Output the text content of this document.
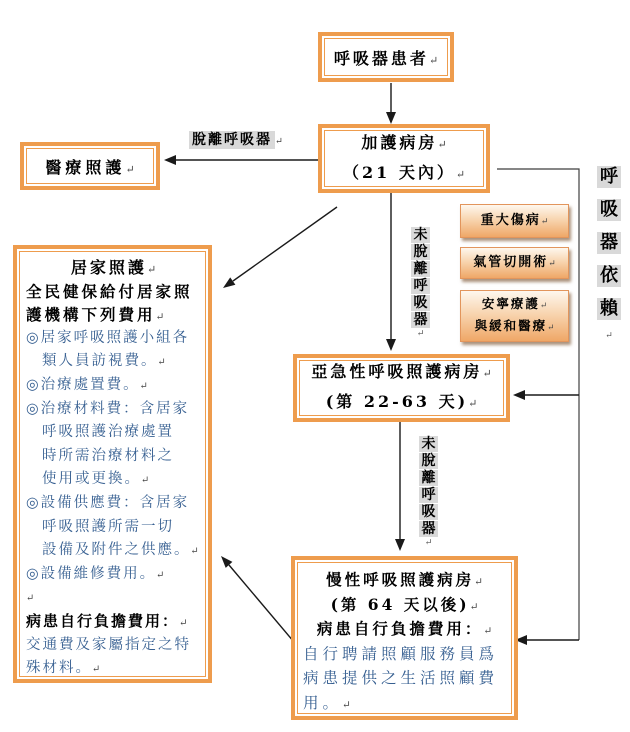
呼吸器患者↵
脫離呼吸器 ↵	加護病房↵
（21 天內）↵
醫療照護↵
重大傷病↵
氣管切開術↵
安寧療護↵
與緩和醫療↵
呼
吸
器
依
賴
↵
未
脫
離
呼
吸
器
↵
居家照護↵
全民健保給付居家照
護機構下列費用↵
◎居家呼吸照護小組各
類人員訪視費。↵
◎治療處置費。↵
◎治療材料費：含居家
呼吸照護治療處置
時所需治療材料之
使用或更換。↵
◎設備供應費：含居家
呼吸照護所需一切
設備及附件之供應。↵
◎設備維修費用。↵
↵
病患自行負擔費用：↵
交通費及家屬指定之特
殊材料。↵
亞急性呼吸照護病房↵
(第 22-63 天)↵
未
脫
離
呼
吸
器
↵
慢性呼吸照護病房↵
(第 64 天以後)↵
病患自行負擔費用：↵
自行聘請照顧服務員爲
病患提供之生活照顧費
用。↵
